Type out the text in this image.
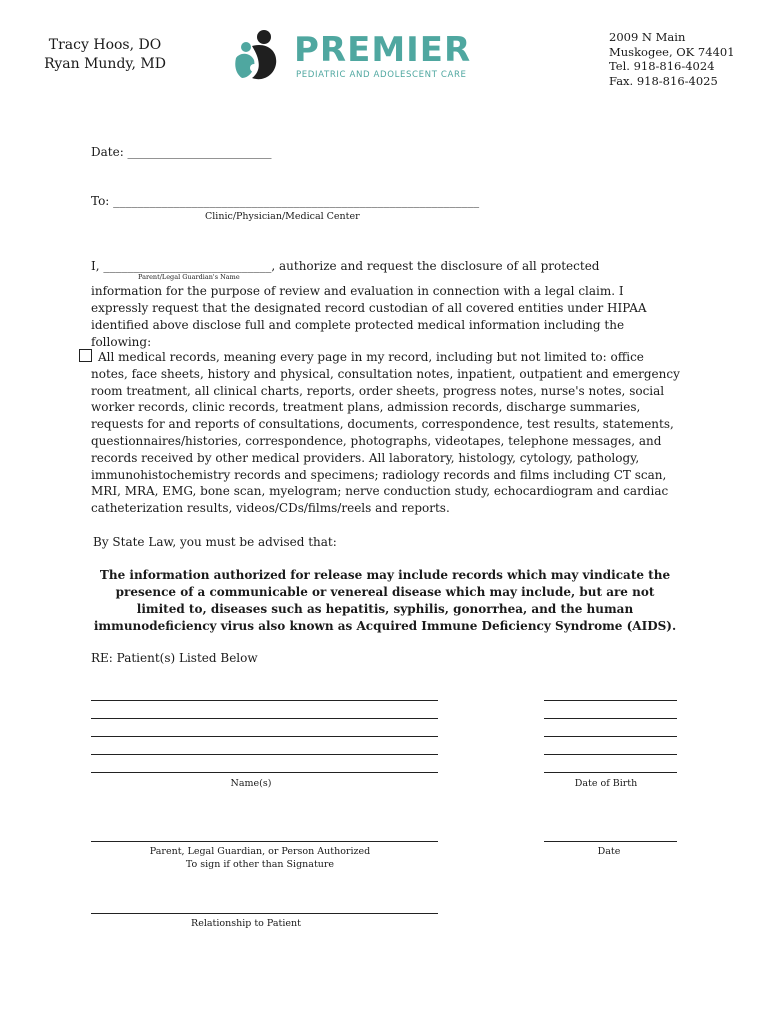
Tracy Hoos, DO
Ryan Mundy, MD	PREMIER
PEDIATRIC AND ADOLESCENT CARE
2009 N Main
Muskogee, OK 74401
Tel. 918-816-4024
Fax. 918-816-4025
Date: ________________________
To: _____________________________________________________________
Clinic/Physician/Medical Center
I, ____________________________, authorize and request the disclosure of all protected
Parent/Legal Guardian's Name
information for the purpose of review and evaluation in connection with a legal claim. I expressly request that the designated record custodian of all covered entities under HIPAA identified above disclose full and complete protected medical information including the following:
All medical records, meaning every page in my record, including but not limited to: office notes, face sheets, history and physical, consultation notes, inpatient, outpatient and emergency room treatment, all clinical charts, reports, order sheets, progress notes, nurse's notes, social worker records, clinic records, treatment plans, admission records, discharge summaries, requests for and reports of consultations, documents, correspondence, test results, statements, questionnaires/histories, correspondence, photographs, videotapes, telephone messages, and records received by other medical providers. All laboratory, histology, cytology, pathology, immunohistochemistry records and specimens; radiology records and films including CT scan, MRI, MRA, EMG, bone scan, myelogram; nerve conduction study, echocardiogram and cardiac catheterization results, videos/CDs/films/reels and reports.
By State Law, you must be advised that:
The information authorized for release may include records which may vindicate the presence of a communicable or venereal disease which may include, but are not limited to, diseases such as hepatitis, syphilis, gonorrhea, and the human immunodeficiency virus also known as Acquired Immune Deficiency Syndrome (AIDS).
RE: Patient(s) Listed Below
Name(s)	Date of Birth
Parent, Legal Guardian, or Person Authorized
To sign if other than Signature
Date
Relationship to Patient
